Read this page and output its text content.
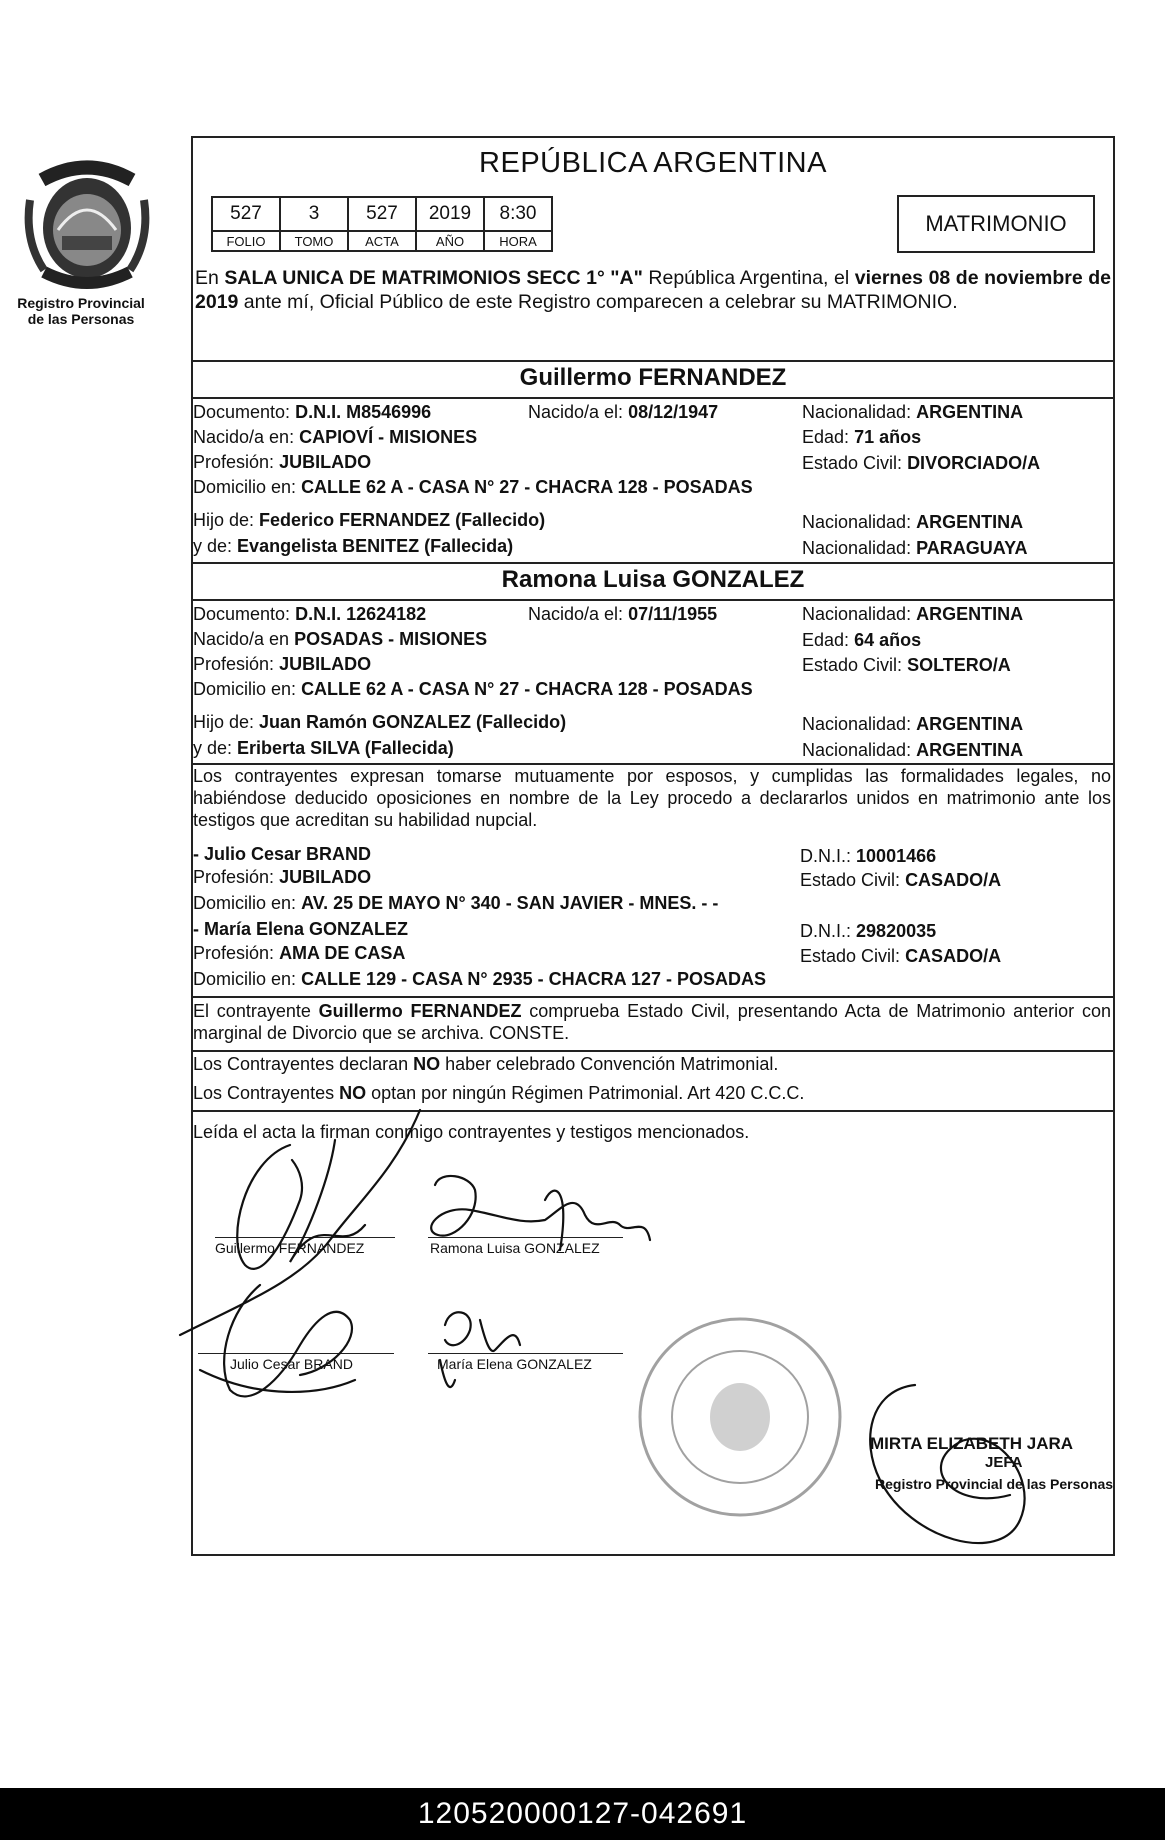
Registro Provincial
de las Personas
REPÚBLICA ARGENTINA
527	3	527	2019	8:30
FOLIO	TOMO	ACTA	AÑO	HORA
MATRIMONIO
En SALA UNICA DE MATRIMONIOS SECC 1° "A" República Argentina, el viernes 08 de noviembre de 2019 ante mí, Oficial Público de este Registro comparecen a celebrar su MATRIMONIO.
Guillermo FERNANDEZ
Documento: D.N.I. M8546996	Nacido/a el: 08/12/1947	Nacionalidad: ARGENTINA
Nacido/a en: CAPIOVÍ - MISIONES	Edad: 71 años
Profesión: JUBILADO	Estado Civil: DIVORCIADO/A
Domicilio en: CALLE 62 A - CASA N° 27 - CHACRA 128 - POSADAS
Hijo de: Federico FERNANDEZ (Fallecido)	Nacionalidad: ARGENTINA
y de: Evangelista BENITEZ (Fallecida)	Nacionalidad: PARAGUAYA
Ramona Luisa GONZALEZ
Documento: D.N.I. 12624182	Nacido/a el: 07/11/1955	Nacionalidad: ARGENTINA
Nacido/a en POSADAS - MISIONES	Edad: 64 años
Profesión: JUBILADO	Estado Civil: SOLTERO/A
Domicilio en: CALLE 62 A - CASA N° 27 - CHACRA 128 - POSADAS
Hijo de: Juan Ramón GONZALEZ (Fallecido)	Nacionalidad: ARGENTINA
y de: Eriberta SILVA (Fallecida)	Nacionalidad: ARGENTINA
Los contrayentes expresan tomarse mutuamente por esposos, y cumplidas las formalidades legales, no habiéndose deducido oposiciones en nombre de la Ley procedo a declararlos unidos en matrimonio ante los testigos que acreditan su habilidad nupcial.
- Julio Cesar BRAND	D.N.I.: 10001466
Profesión: JUBILADO	Estado Civil: CASADO/A
Domicilio en: AV. 25 DE MAYO N° 340 - SAN JAVIER - MNES. - -
- María Elena GONZALEZ	D.N.I.: 29820035
Profesión: AMA DE CASA	Estado Civil: CASADO/A
Domicilio en: CALLE 129 - CASA N° 2935 - CHACRA 127 - POSADAS
El contrayente Guillermo FERNANDEZ comprueba Estado Civil, presentando Acta de Matrimonio anterior con marginal de Divorcio que se archiva. CONSTE.
Los Contrayentes declaran NO haber celebrado Convención Matrimonial.
Los Contrayentes NO optan por ningún Régimen Patrimonial. Art 420 C.C.C.
Leída el acta la firman conmigo contrayentes y testigos mencionados.
Guillermo FERNANDEZ	Ramona Luisa GONZALEZ
Julio Cesar BRAND	María Elena GONZALEZ
MIRTA ELIZABETH JARA
JEFA
Registro Provincial de las Personas
120520000127-042691
